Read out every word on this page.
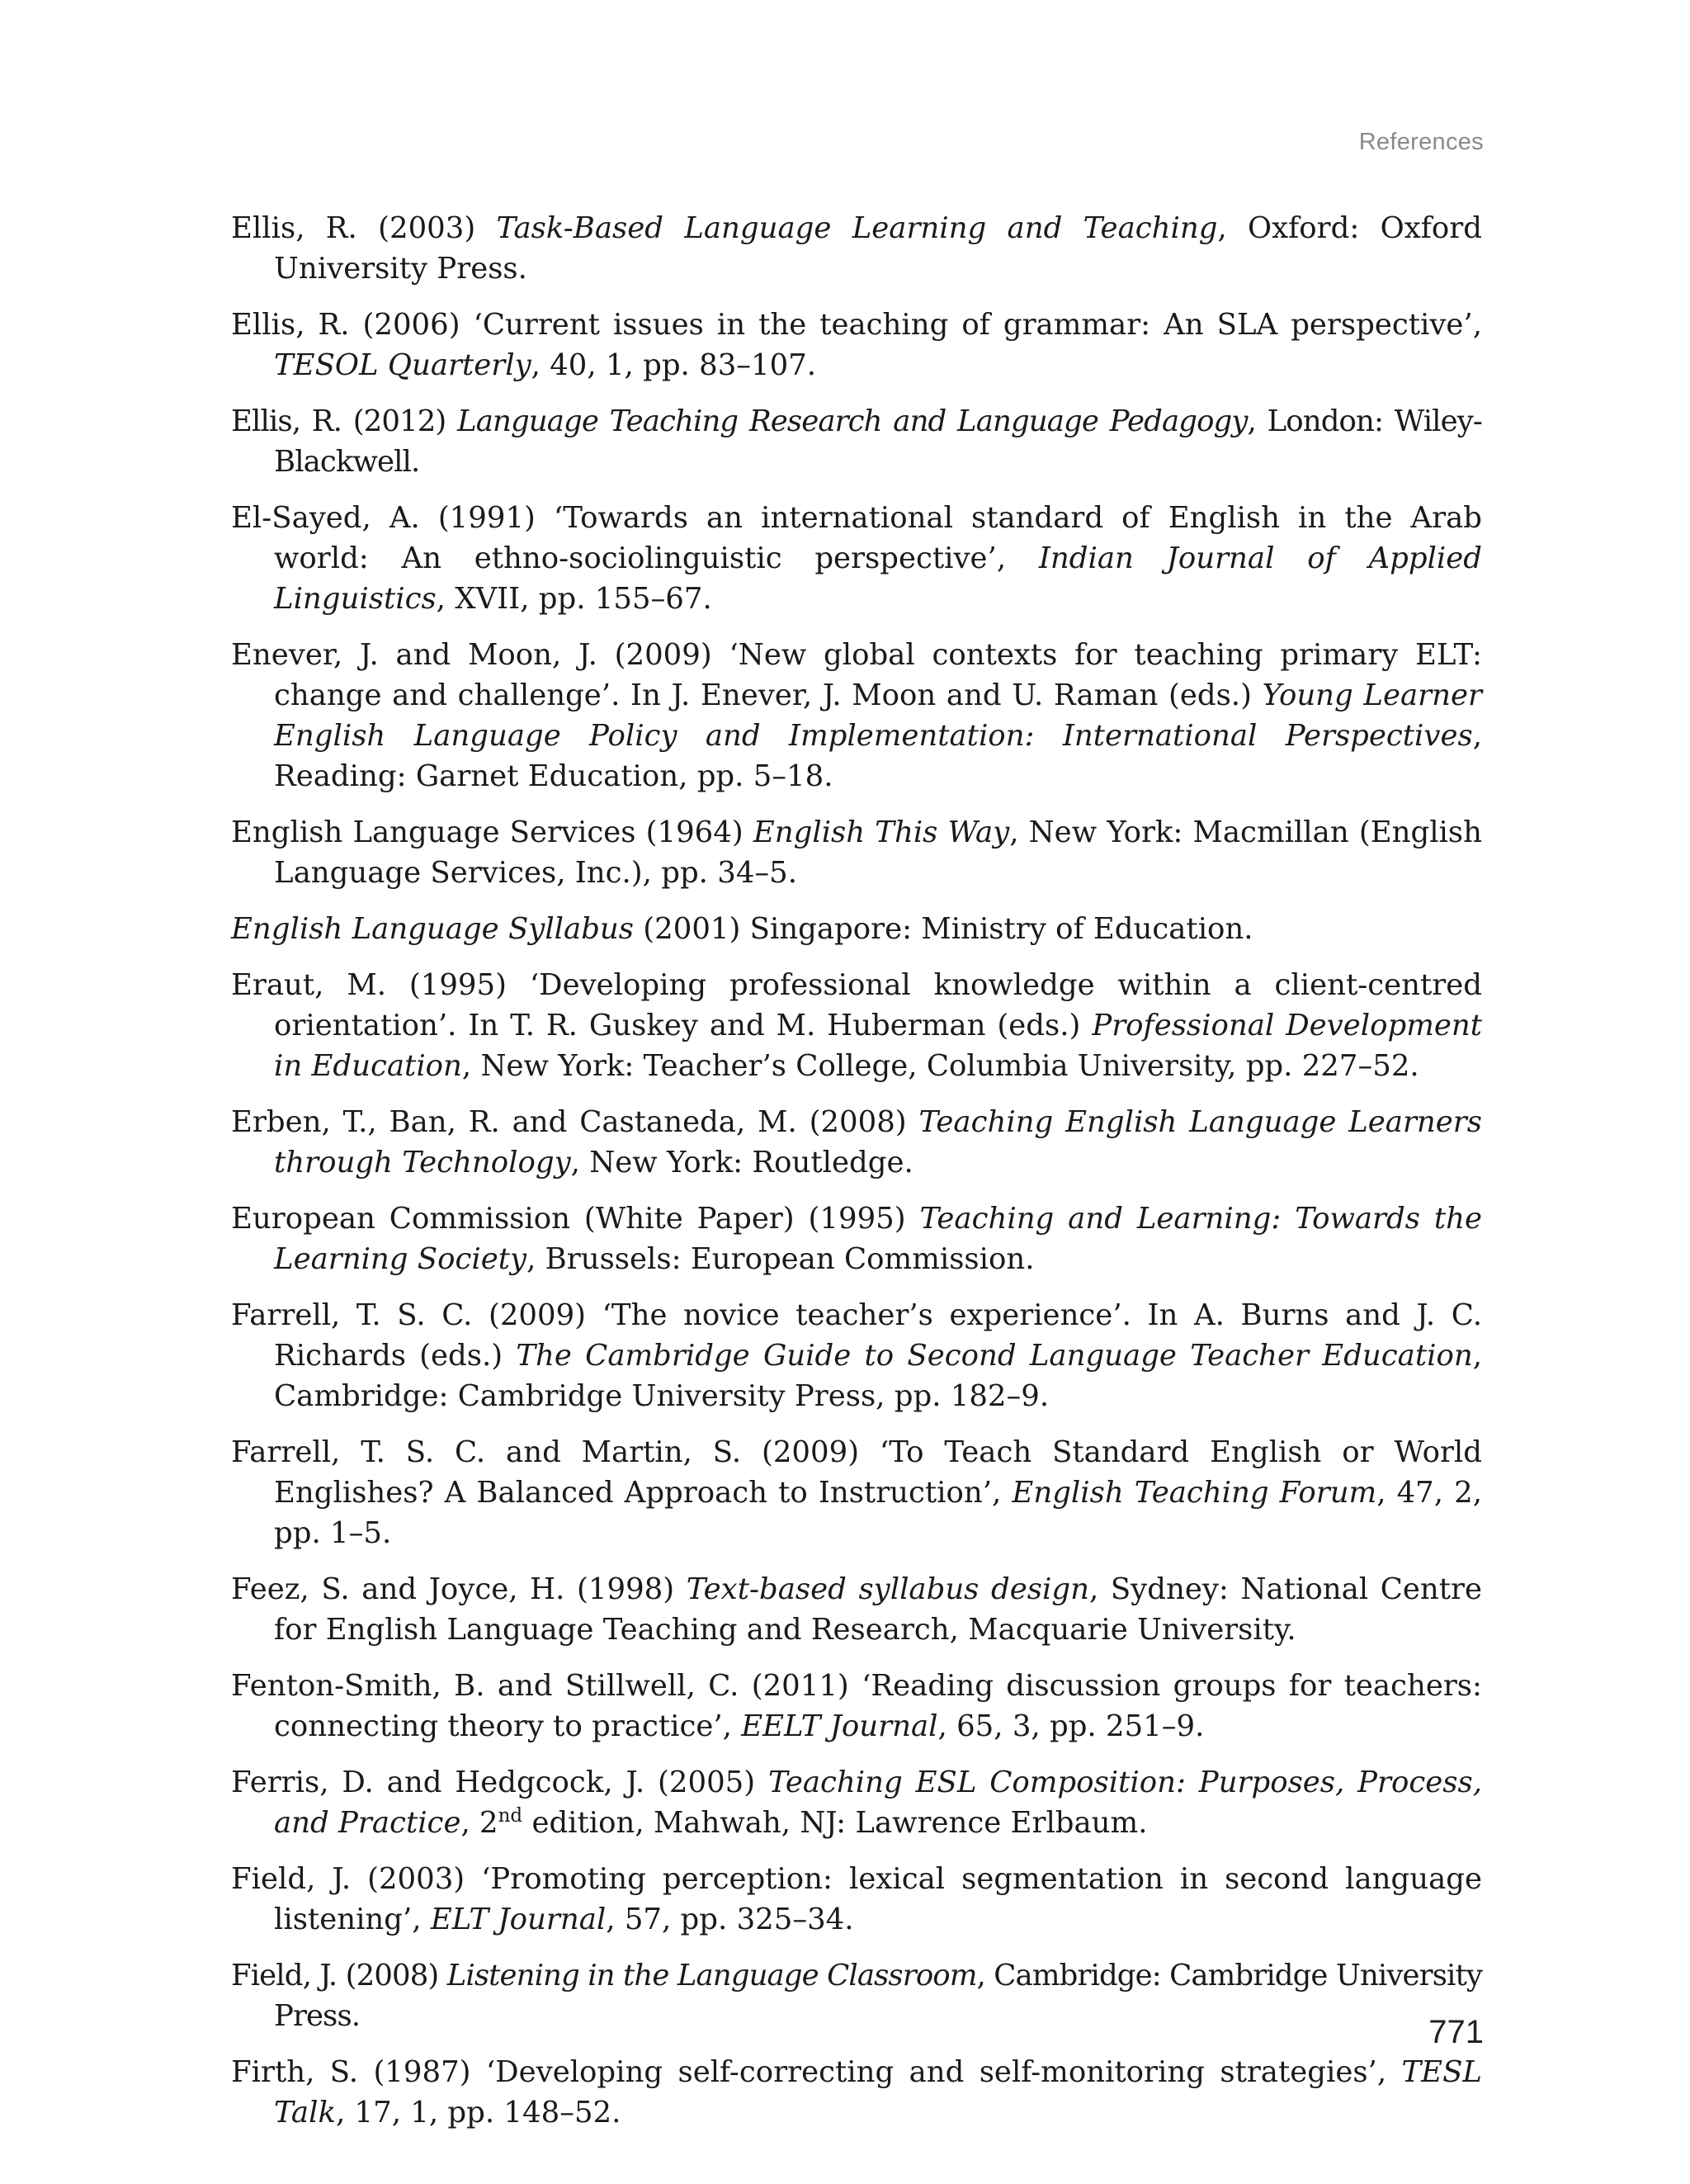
References

Ellis, R. (2003) Task-Based Language Learning and Teaching, Oxford: Oxford University Press.

Ellis, R. (2006) ‘Current issues in the teaching of grammar: An SLA perspective’, TESOL Quarterly, 40, 1, pp. 83–107.

Ellis, R. (2012) Language Teaching Research and Language Pedagogy, London: Wiley-Blackwell.

El-Sayed, A. (1991) ‘Towards an international standard of English in the Arab world: An ethno-sociolinguistic perspective’, Indian Journal of Applied Linguistics, XVII, pp. 155–67.

Enever, J. and Moon, J. (2009) ‘New global contexts for teaching primary ELT: change and challenge’. In J. Enever, J. Moon and U. Raman (eds.) Young Learner English Language Policy and Implementation: International Perspectives, Reading: Garnet Education, pp. 5–18.

English Language Services (1964) English This Way, New York: Macmillan (English Language Services, Inc.), pp. 34–5.

English Language Syllabus (2001) Singapore: Ministry of Education.

Eraut, M. (1995) ‘Developing professional knowledge within a client-centred orientation’. In T. R. Guskey and M. Huberman (eds.) Professional Development in Education, New York: Teacher’s College, Columbia University, pp. 227–52.

Erben, T., Ban, R. and Castaneda, M. (2008) Teaching English Language Learners through Technology, New York: Routledge.

European Commission (White Paper) (1995) Teaching and Learning: Towards the Learning Society, Brussels: European Commission.

Farrell, T. S. C. (2009) ‘The novice teacher’s experience’. In A. Burns and J. C. Richards (eds.) The Cambridge Guide to Second Language Teacher Education, Cambridge: Cambridge University Press, pp. 182–9.

Farrell, T. S. C. and Martin, S. (2009) ‘To Teach Standard English or World Englishes? A Balanced Approach to Instruction’, English Teaching Forum, 47, 2, pp. 1–5.

Feez, S. and Joyce, H. (1998) Text-based syllabus design, Sydney: National Centre for English Language Teaching and Research, Macquarie University.

Fenton-Smith, B. and Stillwell, C. (2011) ‘Reading discussion groups for teachers: connecting theory to practice’, EELT Journal, 65, 3, pp. 251–9.

Ferris, D. and Hedgcock, J. (2005) Teaching ESL Composition: Purposes, Process, and Practice, 2nd edition, Mahwah, NJ: Lawrence Erlbaum.

Field, J. (2003) ‘Promoting perception: lexical segmentation in second language listening’, ELT Journal, 57, pp. 325–34.

Field, J. (2008) Listening in the Language Classroom, Cambridge: Cambridge University Press.

Firth, S. (1987) ‘Developing self-correcting and self-monitoring strategies’, TESL Talk, 17, 1, pp. 148–52.

771
